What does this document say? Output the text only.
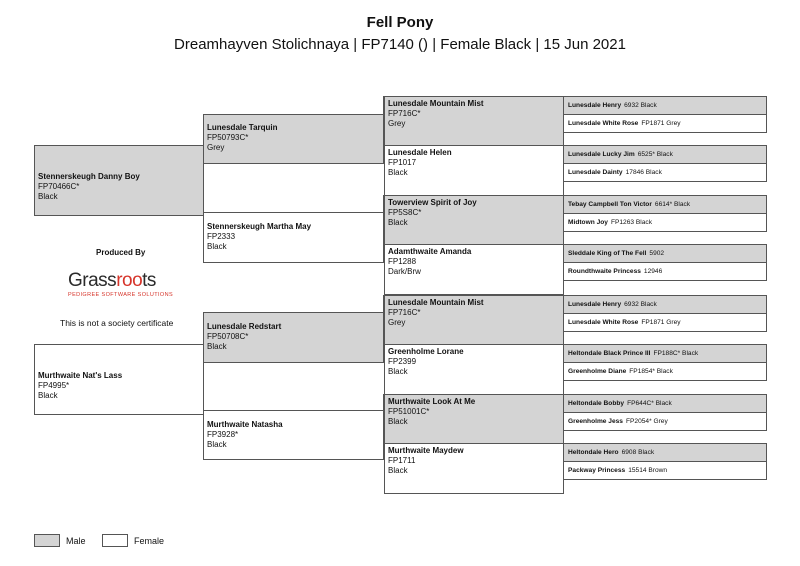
Fell Pony
Dreamhayven Stolichnaya | FP7140 () | Female Black | 15 Jun 2021
Stennerskeugh Danny Boy
FP70466C*
Black
Murthwaite Nat's Lass
FP4995*
Black
Lunesdale Tarquin
FP50793C*
Grey
Stennerskeugh Martha May
FP2333
Black
Lunesdale Redstart
FP50708C*
Black
Murthwaite Natasha
FP3928*
Black
Lunesdale Mountain Mist
FP716C*
Grey
Lunesdale Helen
FP1017
Black
Towerview Spirit of Joy
FP5S8C*
Black
Adamthwaite Amanda
FP1288
Dark/Brw
Lunesdale Mountain Mist
FP716C*
Grey
Greenholme Lorane
FP2399
Black
Murthwaite Look At Me
FP51001C*
Black
Murthwaite Maydew
FP1711
Black
Lunesdale Henry 6932 Black
Lunesdale White Rose FP1871 Grey
Lunesdale Lucky Jim 6525* Black
Lunesdale Dainty 17846 Black
Tebay Campbell Ton Victor 6614* Black
Midtown Joy FP1263 Black
Sleddale King of The Fell 5902
Roundthwaite Princess 12946
Lunesdale Henry 6932 Black
Lunesdale White Rose FP1871 Grey
Heltondale Black Prince III FP188C* Black
Greenholme Diane FP1854* Black
Heltondale Bobby FP644C* Black
Greenholme Jess FP2054* Grey
Heltondale Hero 6908 Black
Packway Princess 15514 Brown
Produced By
Grassroots
PEDIGREE SOFTWARE SOLUTIONS
This is not a society certificate
Male	Female
